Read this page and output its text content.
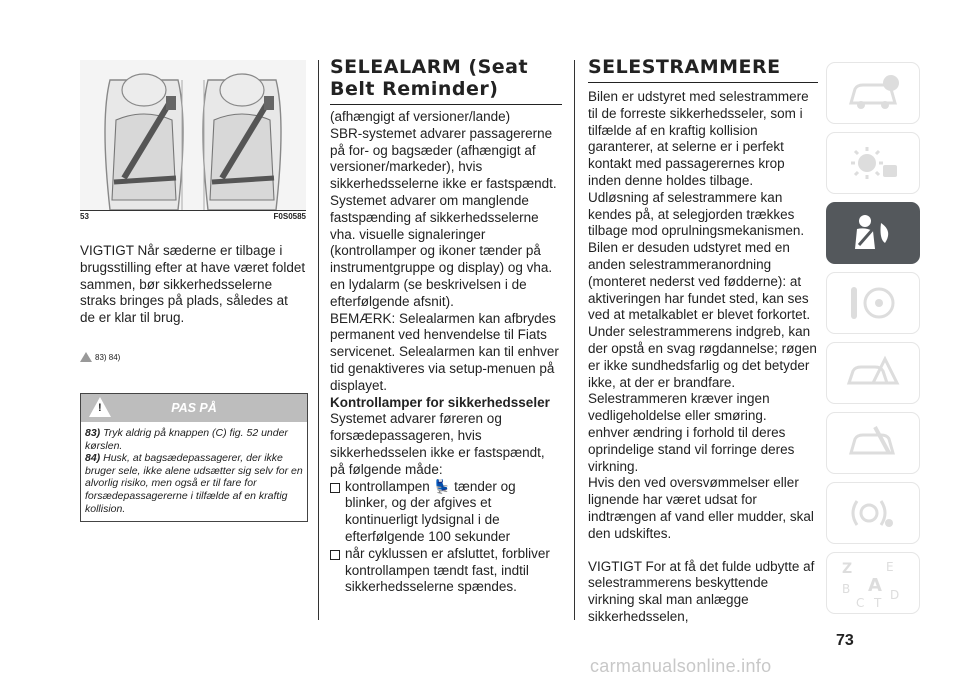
53	F0S0585

VIGTIGT Når sæderne er tilbage i brugsstilling efter at have været foldet sammen, bør sikkerhedsselerne straks bringes på plads, således at de er klar til brug.

83) 84)
!	PAS PÅ
83) Tryk aldrig på knappen (C) fig. 52 under kørslen.
84) Husk, at bagsædepassagerer, der ikke bruger sele, ikke alene udsætter sig selv for en alvorlig risiko, men også er til fare for forsædepassagererne i tilfælde af en kraftig kollision.
SELEALARM (Seat
Belt Reminder)

(afhængigt af versioner/lande)

SBR-systemet advarer passagererne på for- og bagsæder (afhængigt af versioner/markeder), hvis sikkerhedsselerne ikke er fastspændt. Systemet advarer om manglende fastspænding af sikkerhedsselerne vha. visuelle signaleringer (kontrollamper og ikoner tænder på instrumentgruppe og display) og vha. en lydalarm (se beskrivelsen i de efterfølgende afsnit).

BEMÆRK: Selealarmen kan afbrydes permanent ved henvendelse til Fiats servicenet. Selealarmen kan til enhver tid genaktiveres via setup-menuen på displayet.

Kontrollamper for sikkerhedsseler

Systemet advarer føreren og forsædepassageren, hvis sikkerhedsselen ikke er fastspændt, på følgende måde:

kontrollampen 💺 tænder og blinker, og der afgives et kontinuerligt lydsignal i de efterfølgende 100 sekunder
når cyklussen er afsluttet, forbliver kontrollampen tændt fast, indtil sikkerhedsselerne spændes.
SELESTRAMMERE

Bilen er udstyret med selestrammere til de forreste sikkerhedsseler, som i tilfælde af en kraftig kollision garanterer, at selerne er i perfekt kontakt med passagerernes krop inden denne holdes tilbage.

Udløsning af selestrammere kan kendes på, at selegjorden trækkes tilbage mod oprulningsmekanismen.

Bilen er desuden udstyret med en anden selestrammeranordning (monteret nederst ved fødderne): at aktiveringen har fundet sted, kan ses ved at metalkablet er blevet forkortet.

Under selestrammerens indgreb, kan der opstå en svag røgdannelse; røgen er ikke sundhedsfarlig og det betyder ikke, at der er brandfare.

Selestrammeren kræver ingen vedligeholdelse eller smøring.

enhver ændring i forhold til deres oprindelige stand vil forringe deres virkning.

Hvis den ved oversvømmelser eller lignende har været udsat for indtrængen af vand eller mudder, skal den udskiftes.

VIGTIGT For at få det fulde udbytte af selestrammerens beskyttende virkning skal man anlægge sikkerhedsselen,

Z	E
B A
C
D
T
73
carmanualsonline.info
